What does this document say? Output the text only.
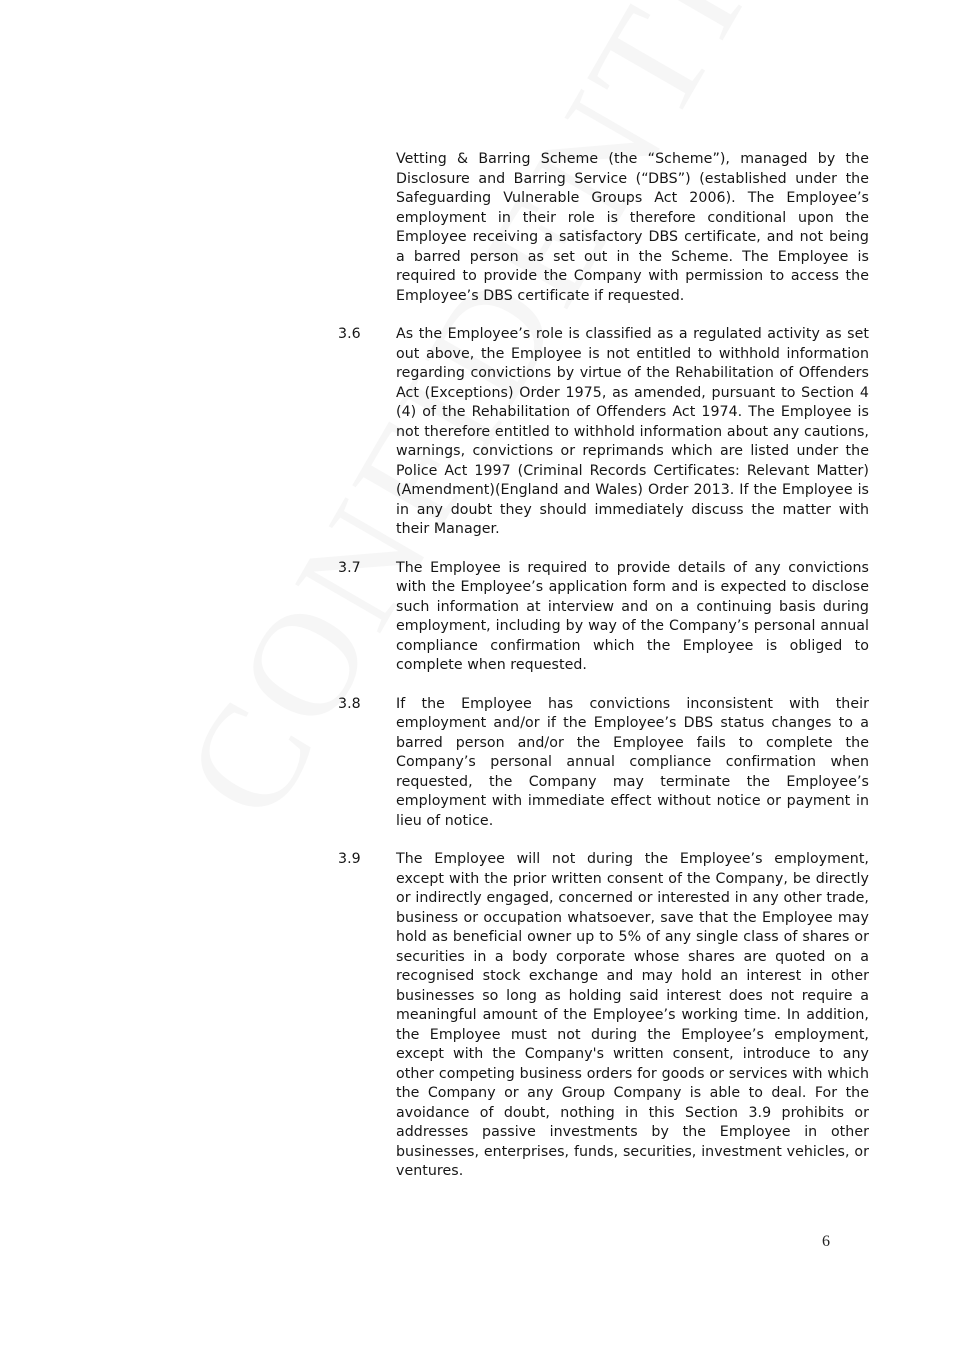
Vetting & Barring Scheme (the “Scheme”), managed by the Disclosure and Barring Service (“DBS”) (established under the Safeguarding Vulnerable Groups Act 2006). The Employee’s employment in their role is therefore conditional upon the Employee receiving a satisfactory DBS certificate, and not being a barred person as set out in the Scheme. The Employee is required to provide the Company with permission to access the Employee’s DBS certificate if requested.
3.6	As the Employee’s role is classified as a regulated activity as set out above, the Employee is not entitled to withhold information regarding convictions by virtue of the Rehabilitation of Offenders Act (Exceptions) Order 1975, as amended, pursuant to Section 4 (4) of the Rehabilitation of Offenders Act 1974. The Employee is not therefore entitled to withhold information about any cautions, warnings, convictions or reprimands which are listed under the Police Act 1997 (Criminal Records Certificates: Relevant Matter)(Amendment)(England and Wales) Order 2013. If the Employee is in any doubt they should immediately discuss the matter with their Manager.
3.7	The Employee is required to provide details of any convictions with the Employee’s application form and is expected to disclose such information at interview and on a continuing basis during employment, including by way of the Company’s personal annual compliance confirmation which the Employee is obliged to complete when requested.
3.8	If the Employee has convictions inconsistent with their employment and/or if the Employee’s DBS status changes to a barred person and/or the Employee fails to complete the Company’s personal annual compliance confirmation when requested, the Company may terminate the Employee’s employment with immediate effect without notice or payment in lieu of notice.
3.9	The Employee will not during the Employee’s employment, except with the prior written consent of the Company, be directly or indirectly engaged, concerned or interested in any other trade, business or occupation whatsoever, save that the Employee may hold as beneficial owner up to 5% of any single class of shares or securities in a body corporate whose shares are quoted on a recognised stock exchange and may hold an interest in other businesses so long as holding said interest does not require a meaningful amount of the Employee’s working time. In addition, the Employee must not during the Employee’s employment, except with the Company's written consent, introduce to any other competing business orders for goods or services with which the Company or any Group Company is able to deal. For the avoidance of doubt, nothing in this Section 3.9 prohibits or addresses passive investments by the Employee in other businesses, enterprises, funds, securities, investment vehicles, or ventures.
6
